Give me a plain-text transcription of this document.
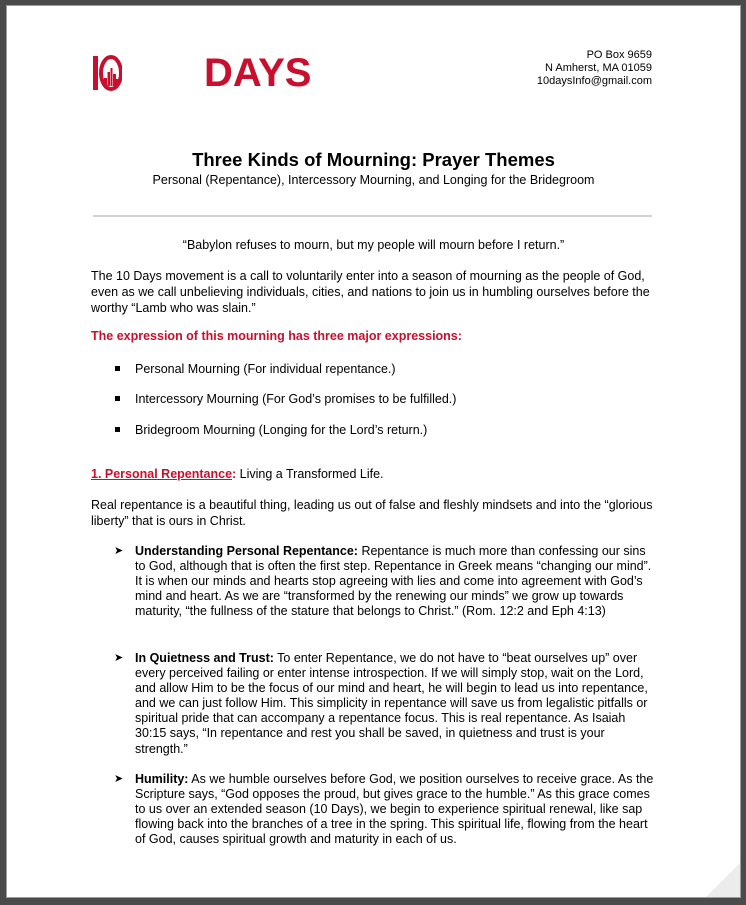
DAYS	PO Box 9659
N Amherst, MA 01059
10daysInfo@gmail.com
Three Kinds of Mourning: Prayer Themes
Personal (Repentance), Intercessory Mourning, and Longing for the Bridegroom
“Babylon refuses to mourn, but my people will mourn before I return.”
The 10 Days movement is a call to voluntarily enter into a season of mourning as the people of God, even as we call unbelieving individuals, cities, and nations to join us in humbling ourselves before the worthy “Lamb who was slain.”
The expression of this mourning has three major expressions:
Personal Mourning (For individual repentance.)
Intercessory Mourning (For God’s promises to be fulfilled.)
Bridegroom Mourning (Longing for the Lord’s return.)
1. Personal Repentance: Living a Transformed Life.
Real repentance is a beautiful thing, leading us out of false and fleshly mindsets and into the “glorious liberty” that is ours in Christ.
➤ Understanding Personal Repentance: Repentance is much more than confessing our sins to God, although that is often the first step. Repentance in Greek means “changing our mind”. It is when our minds and hearts stop agreeing with lies and come into agreement with God’s mind and heart. As we are “transformed by the renewing our minds” we grow up towards maturity, “the fullness of the stature that belongs to Christ.” (Rom. 12:2 and Eph 4:13)
➤ In Quietness and Trust: To enter Repentance, we do not have to “beat ourselves up” over every perceived failing or enter intense introspection. If we will simply stop, wait on the Lord, and allow Him to be the focus of our mind and heart, he will begin to lead us into repentance, and we can just follow Him. This simplicity in repentance will save us from legalistic pitfalls or spiritual pride that can accompany a repentance focus. This is real repentance. As Isaiah 30:15 says, “In repentance and rest you shall be saved, in quietness and trust is your strength.”
➤ Humility: As we humble ourselves before God, we position ourselves to receive grace. As the Scripture says, “God opposes the proud, but gives grace to the humble.” As this grace comes to us over an extended season (10 Days), we begin to experience spiritual renewal, like sap flowing back into the branches of a tree in the spring. This spiritual life, flowing from the heart of God, causes spiritual growth and maturity in each of us.
